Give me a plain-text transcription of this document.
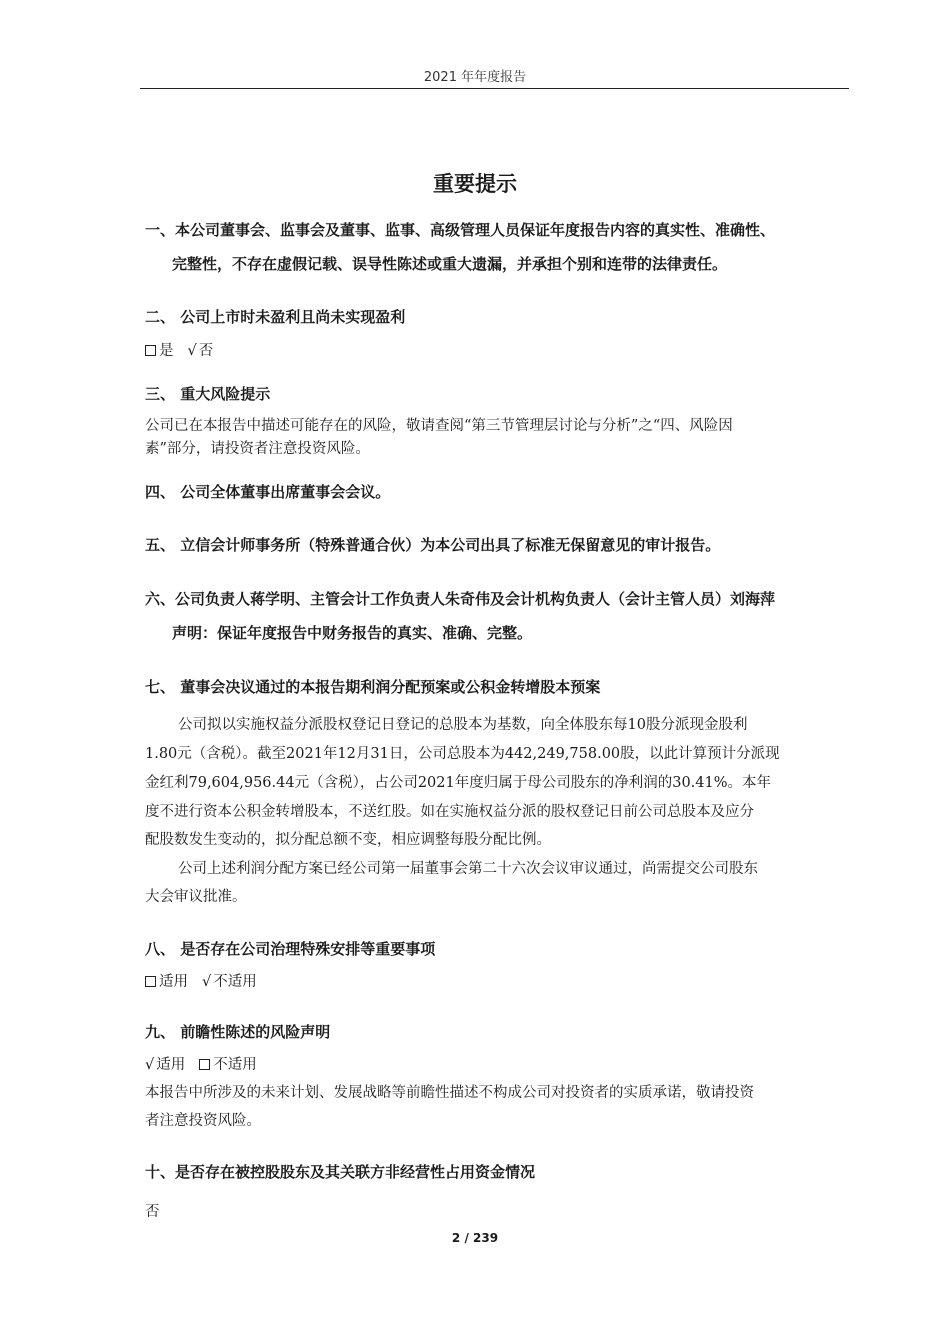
2021 年年度报告
重要提示
一、本公司董事会、监事会及董事、监事、高级管理人员保证年度报告内容的真实性、准确性、
完整性，不存在虚假记载、误导性陈述或重大遗漏，并承担个别和连带的法律责任。
二、 公司上市时未盈利且尚未实现盈利
是 √ 否
三、 重大风险提示
公司已在本报告中描述可能存在的风险，敬请查阅“第三节管理层讨论与分析”之“四、风险因
素”部分，请投资者注意投资风险。
四、 公司全体董事出席董事会会议。
五、 立信会计师事务所（特殊普通合伙）为本公司出具了标准无保留意见的审计报告。
六、公司负责人蒋学明、主管会计工作负责人朱奇伟及会计机构负责人（会计主管人员）刘海萍
声明：保证年度报告中财务报告的真实、准确、完整。
七、 董事会决议通过的本报告期利润分配预案或公积金转增股本预案
公司拟以实施权益分派股权登记日登记的总股本为基数，向全体股东每10股分派现金股利
1.80元（含税）。截至2021年12月31日，公司总股本为442,249,758.00股，以此计算预计分派现
金红利79,604,956.44元（含税），占公司2021年度归属于母公司股东的净利润的30.41%。本年
度不进行资本公积金转增股本，不送红股。如在实施权益分派的股权登记日前公司总股本及应分
配股数发生变动的，拟分配总额不变，相应调整每股分配比例。
公司上述利润分配方案已经公司第一届董事会第二十六次会议审议通过，尚需提交公司股东
大会审议批准。
八、 是否存在公司治理特殊安排等重要事项
适用 √ 不适用
九、 前瞻性陈述的风险声明
√ 适用 不适用
本报告中所涉及的未来计划、发展战略等前瞻性描述不构成公司对投资者的实质承诺，敬请投资
者注意投资风险。
十、是否存在被控股股东及其关联方非经营性占用资金情况
否
2 / 239
